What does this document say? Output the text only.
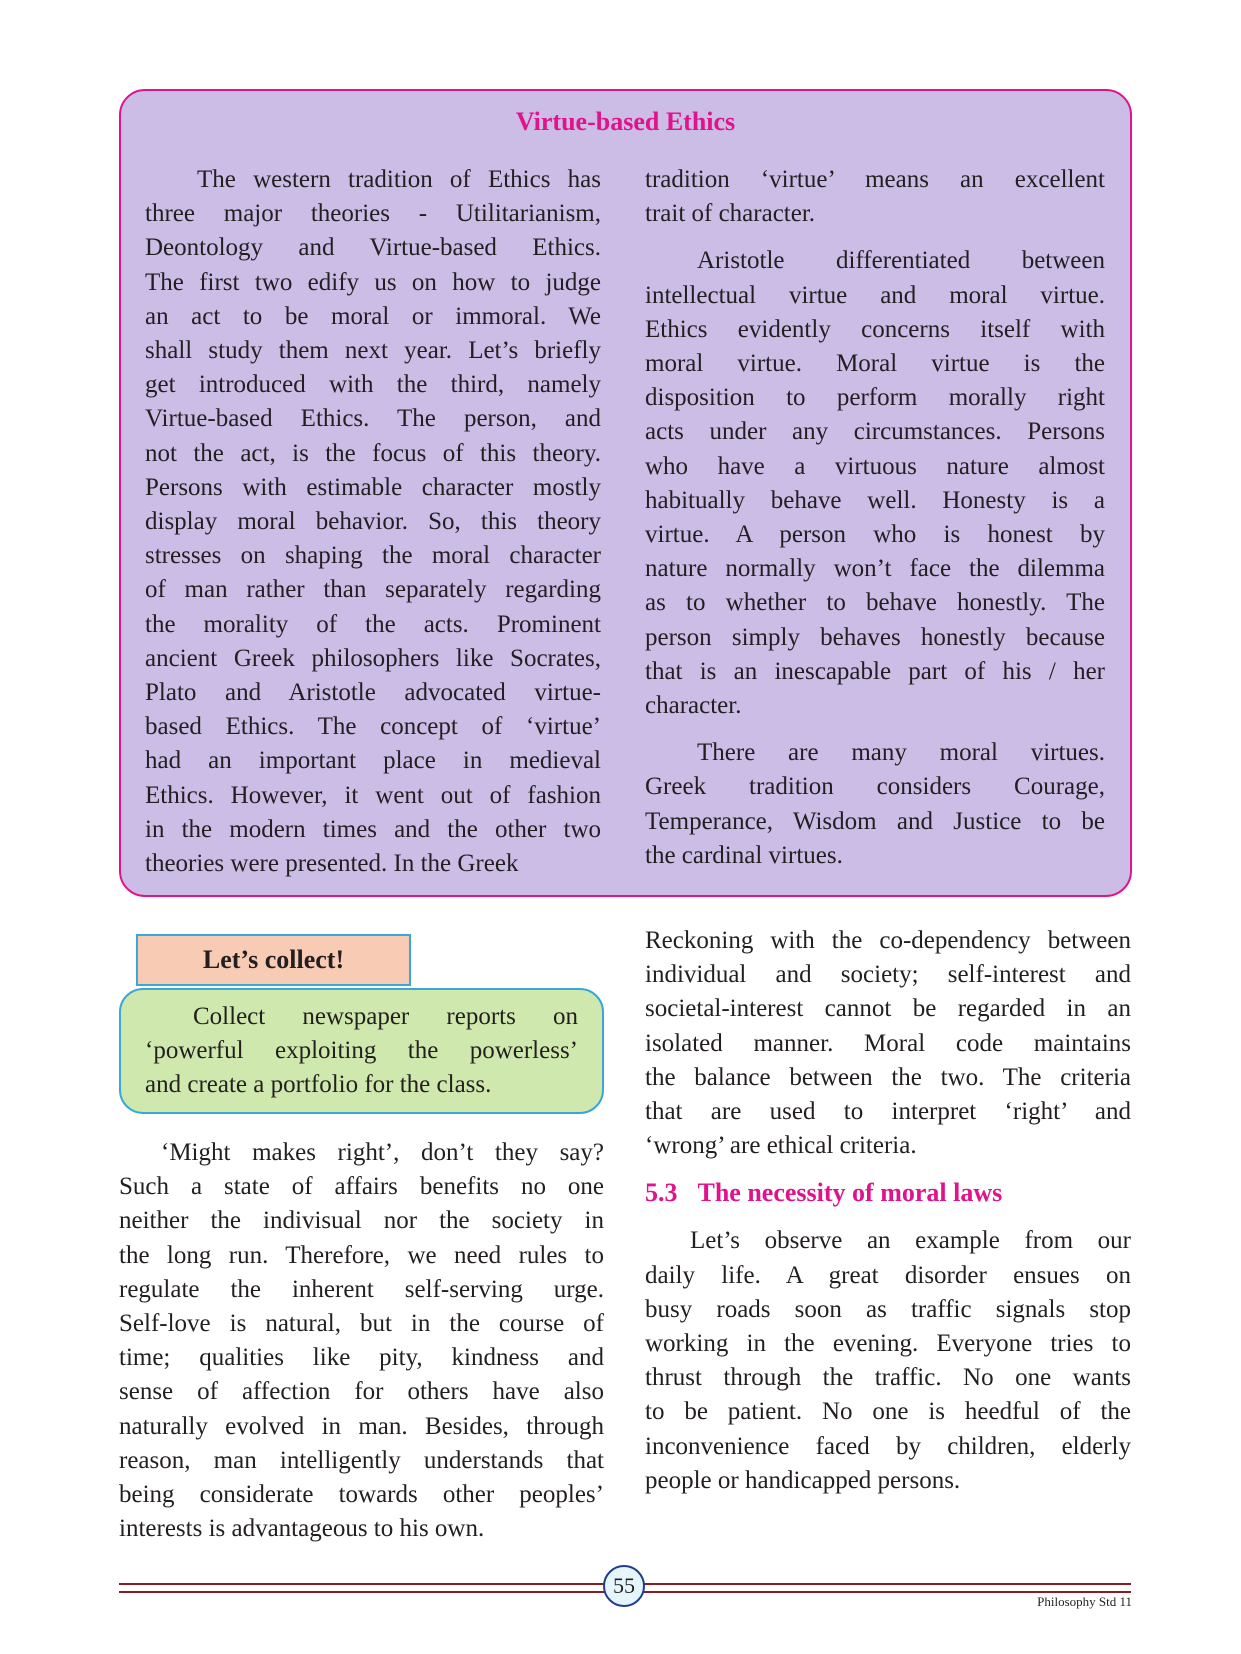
Virtue-based Ethics

The western tradition of Ethics has
three major theories - Utilitarianism,
Deontology and Virtue-based Ethics.
The first two edify us on how to judge
an act to be moral or immoral. We
shall study them next year. Let’s briefly
get introduced with the third, namely
Virtue-based Ethics. The person, and
not the act, is the focus of this theory.
Persons with estimable character mostly
display moral behavior. So, this theory
stresses on shaping the moral character
of man rather than separately regarding
the morality of the acts. Prominent
ancient Greek philosophers like Socrates,
Plato and Aristotle advocated virtue-
based Ethics. The concept of ‘virtue’
had an important place in medieval
Ethics. However, it went out of fashion
in the modern times and the other two
theories were presented. In the Greek

tradition ‘virtue’ means an excellent
trait of character.

Aristotle differentiated between
intellectual virtue and moral virtue.
Ethics evidently concerns itself with
moral virtue. Moral virtue is the
disposition to perform morally right
acts under any circumstances. Persons
who have a virtuous nature almost
habitually behave well. Honesty is a
virtue. A person who is honest by
nature normally won’t face the dilemma
as to whether to behave honestly. The
person simply behaves honestly because
that is an inescapable part of his / her
character.

There are many moral virtues.
Greek tradition considers Courage,
Temperance, Wisdom and Justice to be
the cardinal virtues.

Let’s collect!

Collect newspaper reports on
‘powerful exploiting the powerless’
and create a portfolio for the class.

‘Might makes right’, don’t they say?
Such a state of affairs benefits no one
neither the indivisual nor the society in
the long run. Therefore, we need rules to
regulate the inherent self-serving urge.
Self-love is natural, but in the course of
time; qualities like pity, kindness and
sense of affection for others have also
naturally evolved in man. Besides, through
reason, man intelligently understands that
being considerate towards other peoples’
interests is advantageous to his own.

Reckoning with the co-dependency between
individual and society; self-interest and
societal-interest cannot be regarded in an
isolated manner. Moral code maintains
the balance between the two. The criteria
that are used to interpret ‘right’ and
‘wrong’ are ethical criteria.

5.3 The necessity of moral laws

Let’s observe an example from our
daily life. A great disorder ensues on
busy roads soon as traffic signals stop
working in the evening. Everyone tries to
thrust through the traffic. No one wants
to be patient. No one is heedful of the
inconvenience faced by children, elderly
people or handicapped persons.

55
Philosophy Std 11
